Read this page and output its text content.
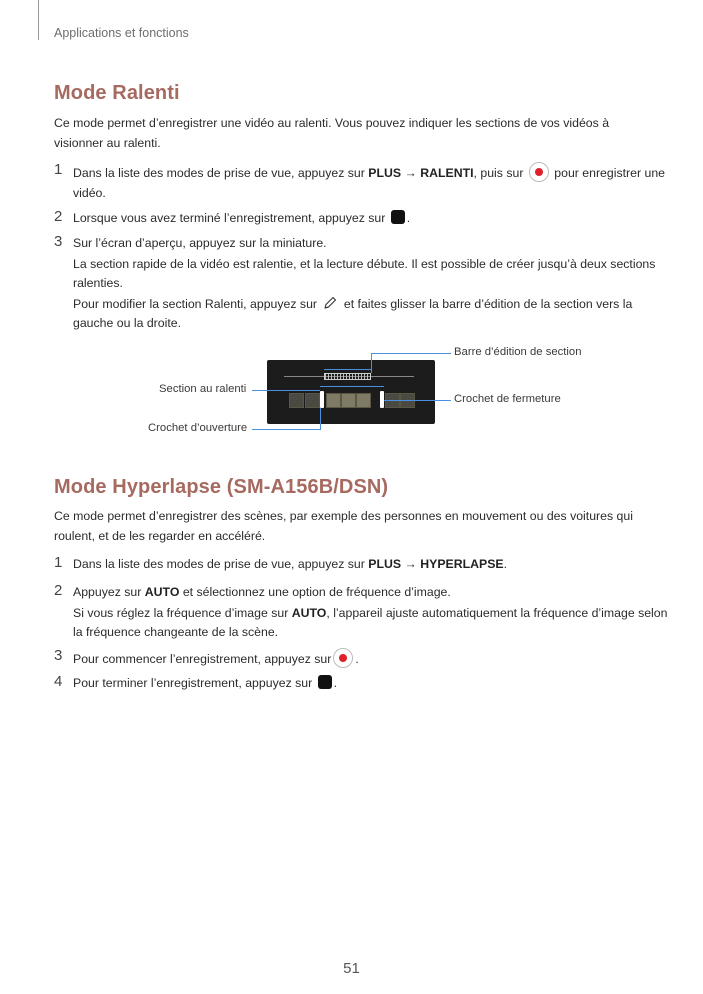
Applications et fonctions
Mode Ralenti
Ce mode permet d’enregistrer une vidéo au ralenti. Vous pouvez indiquer les sections de vos vidéos à visionner au ralenti.
1 Dans la liste des modes de prise de vue, appuyez sur PLUS → RALENTI, puis sur  pour enregistrer une vidéo.
2 Lorsque vous avez terminé l’enregistrement, appuyez sur .
3 Sur l’écran d’aperçu, appuyez sur la miniature.
La section rapide de la vidéo est ralentie, et la lecture débute. Il est possible de créer jusqu’à deux sections ralenties.
Pour modifier la section Ralenti, appuyez sur  et faites glisser la barre d’édition de la section vers la gauche ou la droite.
Barre d’édition de section
Section au ralenti
Crochet de fermeture
Crochet d’ouverture
Mode Hyperlapse (SM-A156B/DSN)
Ce mode permet d’enregistrer des scènes, par exemple des personnes en mouvement ou des voitures qui roulent, et de les regarder en accéléré.
1 Dans la liste des modes de prise de vue, appuyez sur PLUS → HYPERLAPSE.
2 Appuyez sur AUTO et sélectionnez une option de fréquence d’image.
Si vous réglez la fréquence d’image sur AUTO, l’appareil ajuste automatiquement la fréquence d’image selon la fréquence changeante de la scène.
3 Pour commencer l’enregistrement, appuyez sur .
4 Pour terminer l’enregistrement, appuyez sur .
51
